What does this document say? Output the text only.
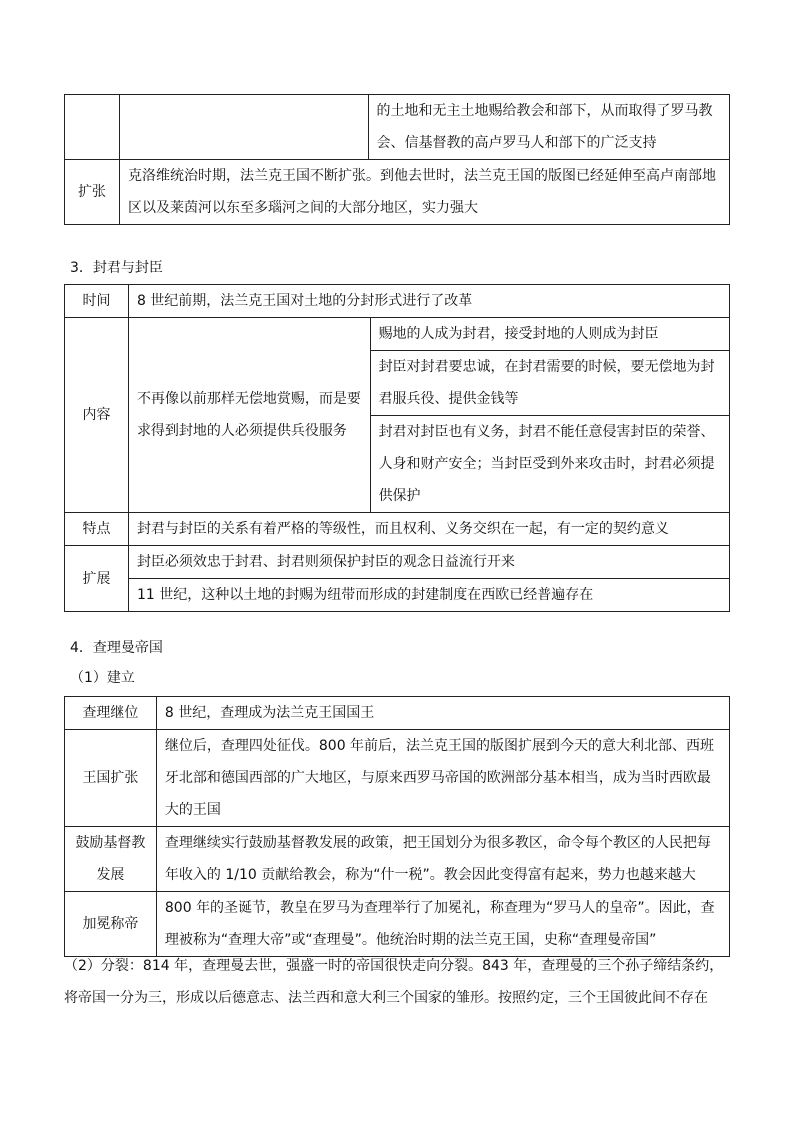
		的土地和无主土地赐给教会和部下，从而取得了罗马教会、信基督教的高卢罗马人和部下的广泛支持
扩张	克洛维统治时期，法兰克王国不断扩张。到他去世时，法兰克王国的版图已经延伸至高卢南部地区以及莱茵河以东至多瑙河之间的大部分地区，实力强大	
3．封君与封臣
时间	8 世纪前期，法兰克王国对土地的分封形式进行了改革	
内容	不再像以前那样无偿地赏赐，而是要求得到封地的人必须提供兵役服务	赐地的人成为封君，接受封地的人则成为封臣
		封臣对封君要忠诚，在封君需要的时候，要无偿地为封君服兵役、提供金钱等
		封君对封臣也有义务，封君不能任意侵害封臣的荣誉、人身和财产安全；当封臣受到外来攻击时，封君必须提供保护
特点	封君与封臣的关系有着严格的等级性，而且权利、义务交织在一起，有一定的契约意义	
扩展	封臣必须效忠于封君、封君则须保护封臣的观念日益流行开来	
	11 世纪，这种以土地的封赐为纽带而形成的封建制度在西欧已经普遍存在	
4．查理曼帝国
（1）建立
查理继位	8 世纪，查理成为法兰克王国国王
王国扩张	继位后，查理四处征伐。800 年前后，法兰克王国的版图扩展到今天的意大利北部、西班牙北部和德国西部的广大地区，与原来西罗马帝国的欧洲部分基本相当，成为当时西欧最大的王国
鼓励基督教发展	查理继续实行鼓励基督教发展的政策，把王国划分为很多教区，命令每个教区的人民把每年收入的 1/10 贡献给教会，称为“什一税”。教会因此变得富有起来，势力也越来越大
加冕称帝	800 年的圣诞节，教皇在罗马为查理举行了加冕礼，称查理为“罗马人的皇帝”。因此，查理被称为“查理大帝”或“查理曼”。他统治时期的法兰克王国，史称“查理曼帝国”
（2）分裂：814 年，查理曼去世，强盛一时的帝国很快走向分裂。843 年，查理曼的三个孙子缔结条约，将帝国一分为三，形成以后德意志、法兰西和意大利三个国家的雏形。按照约定，三个王国彼此间不存在
